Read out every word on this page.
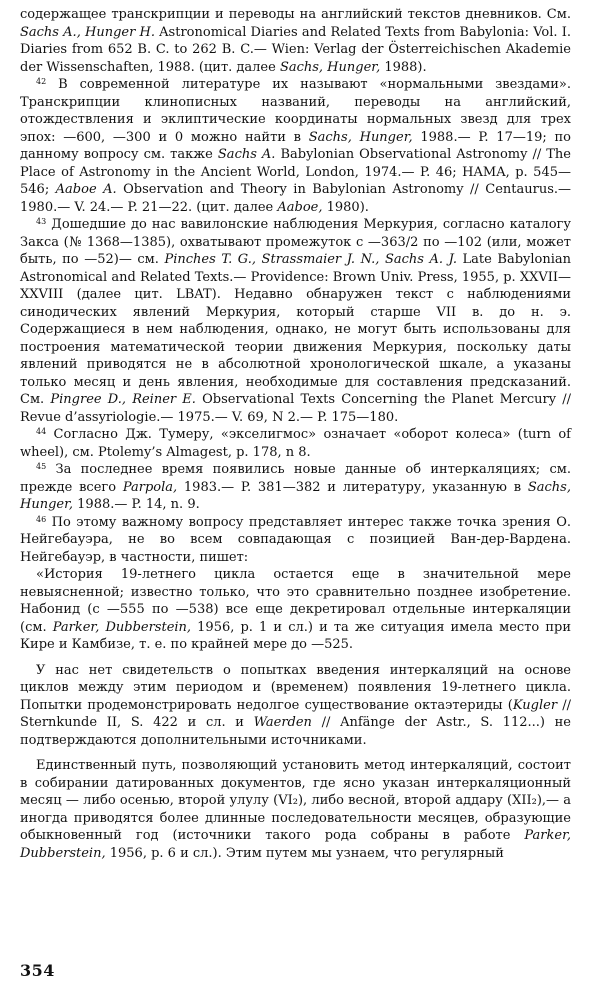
содержащее транскрипции и переводы на английский текстов дневников. См. Sachs A., Hunger H. Astronomical Diaries and Related Texts from Babylonia: Vol. I. Diaries from 652 B. C. to 262 B. C.— Wien: Verlag der Österreichischen Akademie der Wissenschaften, 1988. (цит. далее Sachs, Hunger, 1988).

$^{42}$ В современной литературе их называют «нормальными звездами». Транскрипции клинописных названий, переводы на английский, отождествления и эклиптические координаты нормальных звезд для трех эпох: —600, —300 и 0 можно найти в Sachs, Hunger, 1988.— P. 17—19; по данному вопросу см. также Sachs A. Babylonian Observational Astronomy // The Place of Astronomy in the Ancient World, London, 1974.— P. 46; HAMA, p. 545—546; Aaboe A. Observation and Theory in Babylonian Astronomy // Centaurus.— 1980.— V. 24.— P. 21—22. (цит. далее Aaboe, 1980).

$^{43}$ Дошедшие до нас вавилонские наблюдения Меркурия, согласно каталогу Закса (№ 1368—1385), охватывают промежуток с —363/2 по —102 (или, может быть, по —52)— см. Pinches T. G., Strassmaier J. N., Sachs A. J. Late Babylonian Astronomical and Related Texts.— Providence: Brown Univ. Press, 1955, p. XXVII—XXVIII (далее цит. LBAT). Недавно обнаружен текст с наблюдениями синодических явлений Меркурия, который старше VII в. до н. э. Содержащиеся в нем наблюдения, однако, не могут быть использованы для построения математической теории движения Меркурия, поскольку даты явлений приводятся не в абсолютной хронологической шкале, а указаны только месяц и день явления, необходимые для составления предсказаний. См. Pingree D., Reiner E. Observational Texts Concerning the Planet Mercury // Revue d’assyriologie.— 1975.— V. 69, N 2.— P. 175—180.

$^{44}$ Согласно Дж. Тумеру, «экселигмос» означает «оборот колеса» (turn of wheel), см. Ptolemy’s Almagest, p. 178, n 8.

$^{45}$ За последнее время появились новые данные об интеркаляциях; см. прежде всего Parpola, 1983.— P. 381—382 и литературу, указанную в Sachs, Hunger, 1988.— P. 14, n. 9.

$^{46}$ По этому важному вопросу представляет интерес также точка зрения О. Нейгебауэра, не во всем совпадающая с позицией Ван-дер-Вардена. Нейгебауэр, в частности, пишет:

«История 19-летнего цикла остается еще в значительной мере невыясненной; известно только, что это сравнительно позднее изобретение. Набонид (с —555 по —538) все еще декретировал отдельные интеркаляции (см. Parker, Dubberstein, 1956, p. 1 и сл.) и та же ситуация имела место при Кире и Камбизе, т. е. по крайней мере до —525.

У нас нет свидетельств о попытках введения интеркаляций на основе циклов между этим периодом и (временем) появления 19-летнего цикла. Попытки продемонстрировать недолгое существование октаэтериды (Kugler // Sternkunde II, S. 422 и сл. и Waerden // Anfänge der Astr., S. 112...) не подтверждаются дополнительными источниками.

Единственный путь, позволяющий установить метод интеркаляций, состоит в собирании датированных документов, где ясно указан интеркаляционный месяц — либо осенью, второй улулу (VI₂), либо весной, второй аддару (XII₂),— а иногда приводятся более длинные последовательности месяцев, образующие обыкновенный год (источники такого рода собраны в работе Parker, Dubberstein, 1956, p. 6 и сл.). Этим путем мы узнаем, что регулярный

354
